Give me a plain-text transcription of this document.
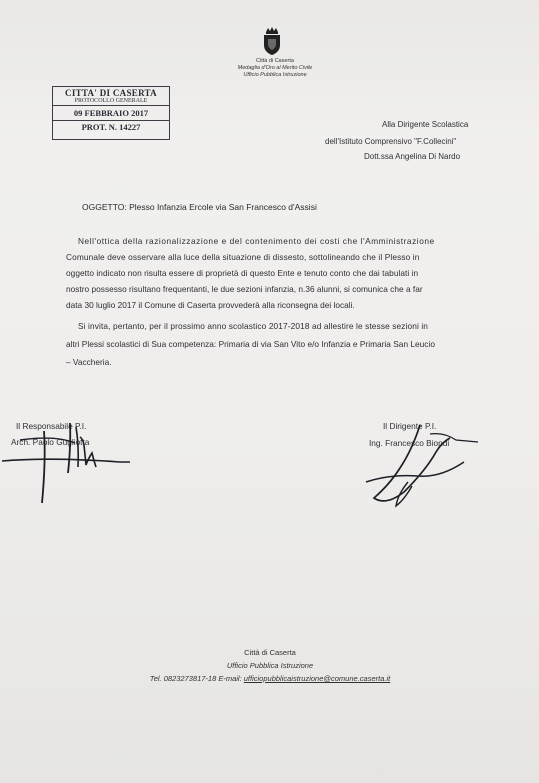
Città di Caserta
Medaglia d'Oro al Merito Civile
Ufficio Pubblica Istruzione
CITTA' DI CASERTA
PROTOCOLLO GENERALE
09 FEBBRAIO 2017
PROT. N. 14227	Alla Dirigente Scolastica
dell'Istituto Comprensivo "F.Collecini"
Dott.ssa Angelina Di Nardo
OGGETTO: Plesso Infanzia Ercole via San Francesco d'Assisi
Nell'ottica della razionalizzazione e del contenimento dei costi che l'Amministrazione
Comunale deve osservare alla luce della situazione di dissesto, sottolineando che il Plesso in
oggetto indicato non risulta essere di proprietà di questo Ente e tenuto conto che dai tabulati in
nostro possesso risultano frequentanti, le due sezioni infanzia, n.36 alunni, si comunica che a far
data 30 luglio 2017 il Comune di Caserta provvederà alla riconsegna dei locali.
Si invita, pertanto, per il prossimo anno scolastico 2017-2018 ad allestire le stesse sezioni in
altri Plessi scolastici di Sua competenza: Primaria di via San Vito e/o Infanzia e Primaria San Leucio
– Vaccheria.
Il Responsabile P.I.
Arch. Paolo Gugliotta
Il Dirigente P.I.
Ing. Francesco Biondi
Città di Caserta
Ufficio Pubblica Istruzione
Tel. 0823273817-18 E-mail: ufficiopubblicaistruzione@comune.caserta.it
